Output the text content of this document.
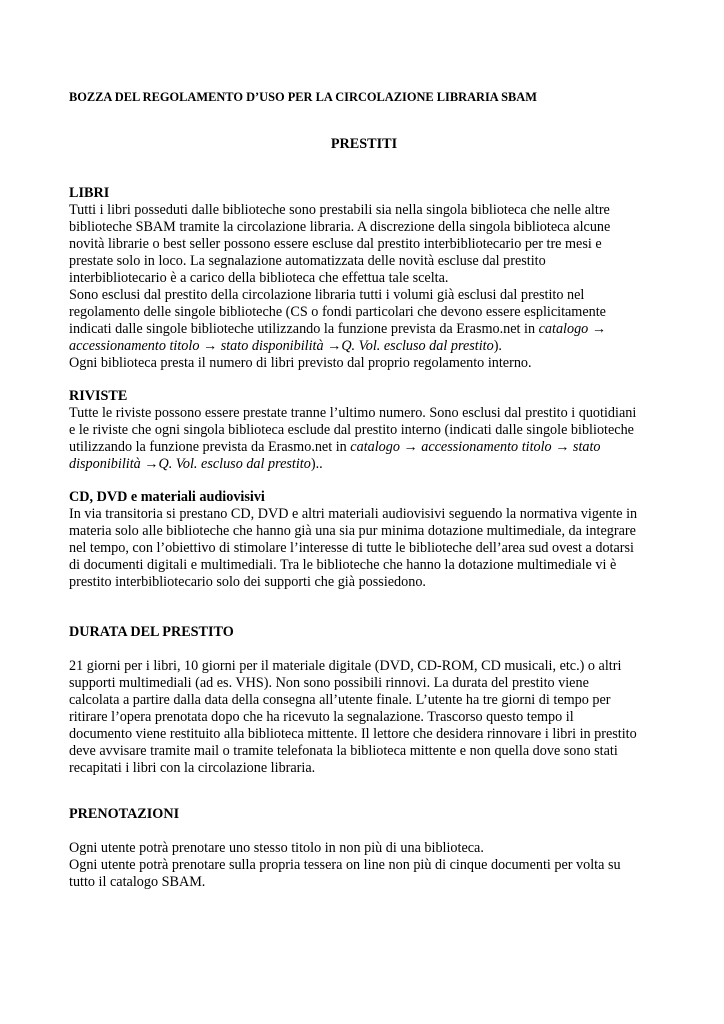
BOZZA DEL REGOLAMENTO D’USO PER LA CIRCOLAZIONE LIBRARIA SBAM
PRESTITI
LIBRI

Tutti i libri posseduti dalle biblioteche sono prestabili sia nella singola biblioteca che nelle altre

biblioteche SBAM tramite la circolazione libraria. A discrezione della singola biblioteca alcune

novità librarie o best seller possono essere escluse dal prestito interbibliotecario per tre mesi e

prestate solo in loco. La segnalazione automatizzata delle novità escluse dal prestito

interbibliotecario è a carico della biblioteca che effettua tale scelta.

Sono esclusi dal prestito della circolazione libraria tutti i volumi già esclusi dal prestito nel

regolamento delle singole biblioteche (CS o fondi particolari che devono essere esplicitamente

indicati dalle singole biblioteche utilizzando la funzione prevista da Erasmo.net in catalogo →

accessionamento titolo → stato disponibilità →Q. Vol. escluso dal prestito).

Ogni biblioteca presta il numero di libri previsto dal proprio regolamento interno.

RIVISTE

Tutte le riviste possono essere prestate tranne l’ultimo numero. Sono esclusi dal prestito i quotidiani

e le riviste che ogni singola biblioteca esclude dal prestito interno (indicati dalle singole biblioteche

utilizzando la funzione prevista da Erasmo.net in catalogo → accessionamento titolo → stato

disponibilità →Q. Vol. escluso dal prestito)..

CD, DVD e materiali audiovisivi

In via transitoria si prestano CD, DVD e altri materiali audiovisivi seguendo la normativa vigente in

materia solo alle biblioteche che hanno già una sia pur minima dotazione multimediale, da integrare

nel tempo, con l’obiettivo di stimolare l’interesse di tutte le biblioteche dell’area sud ovest a dotarsi

di documenti digitali e multimediali. Tra le biblioteche che hanno la dotazione multimediale vi è

prestito interbibliotecario solo dei supporti che già possiedono.

DURATA DEL PRESTITO

21 giorni per i libri, 10 giorni per il materiale digitale (DVD, CD-ROM, CD musicali, etc.) o altri

supporti multimediali (ad es. VHS). Non sono possibili rinnovi. La durata del prestito viene

calcolata a partire dalla data della consegna all’utente finale. L’utente ha tre giorni di tempo per

ritirare l’opera prenotata dopo che ha ricevuto la segnalazione. Trascorso questo tempo il

documento viene restituito alla biblioteca mittente. Il lettore che desidera rinnovare i libri in prestito

deve avvisare tramite mail o tramite telefonata la biblioteca mittente e non quella dove sono stati

recapitati i libri con la circolazione libraria.

PRENOTAZIONI

Ogni utente potrà prenotare uno stesso titolo in non più di una biblioteca.

Ogni utente potrà prenotare sulla propria tessera on line non più di cinque documenti per volta su

tutto il catalogo SBAM.
